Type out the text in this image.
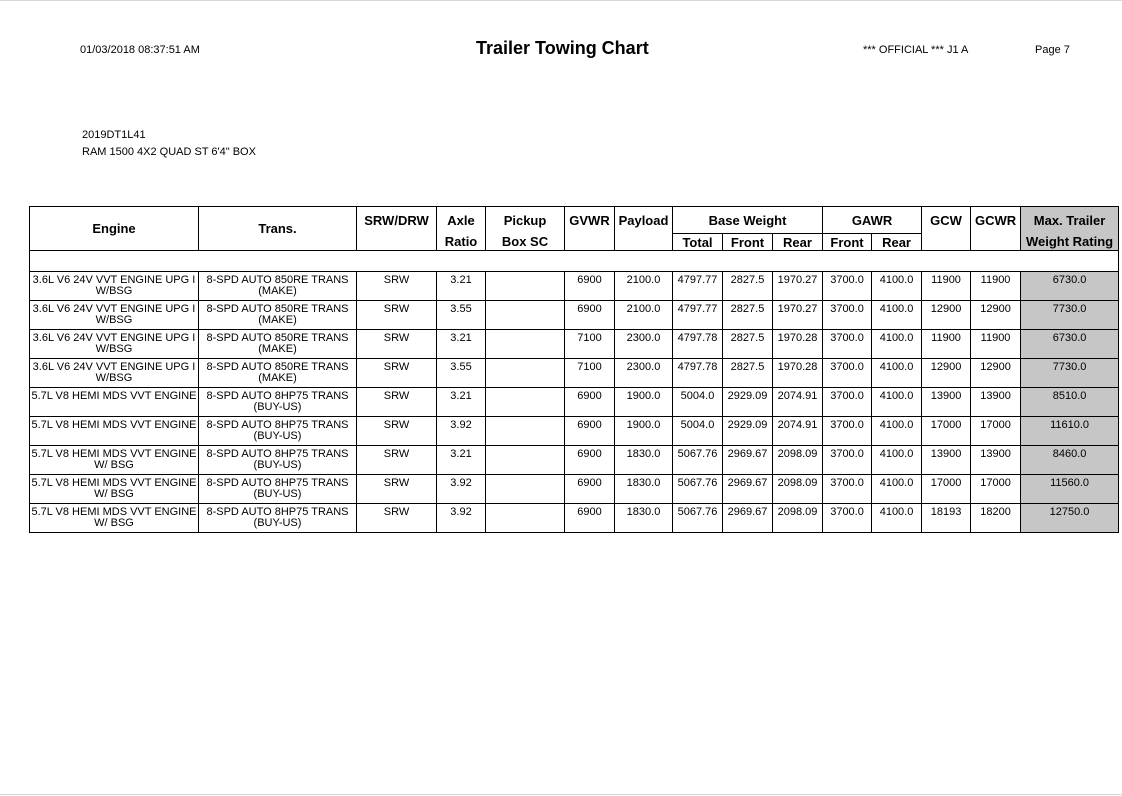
01/03/2018 08:37:51 AM	Trailer Towing Chart	*** OFFICIAL *** J1 A	Page 7
2019DT1L41
RAM 1500 4X2 QUAD ST 6'4" BOX
Engine	Trans.	SRW/DRW	Axle	Pickup	GVWR	Payload	Base Weight			GAWR		GCW	GCWR	Max. Trailer
			Ratio	Box SC			Total	Front	Rear	Front	Rear			Weight Rating

3.6L V6 24V VVT ENGINE UPG I W/BSG	8-SPD AUTO 850RE TRANS (MAKE)	SRW	3.21		6900	2100.0	4797.77	2827.5	1970.27	3700.0	4100.0	11900	11900	6730.0
3.6L V6 24V VVT ENGINE UPG I W/BSG	8-SPD AUTO 850RE TRANS (MAKE)	SRW	3.55		6900	2100.0	4797.77	2827.5	1970.27	3700.0	4100.0	12900	12900	7730.0
3.6L V6 24V VVT ENGINE UPG I W/BSG	8-SPD AUTO 850RE TRANS (MAKE)	SRW	3.21		7100	2300.0	4797.78	2827.5	1970.28	3700.0	4100.0	11900	11900	6730.0
3.6L V6 24V VVT ENGINE UPG I W/BSG	8-SPD AUTO 850RE TRANS (MAKE)	SRW	3.55		7100	2300.0	4797.78	2827.5	1970.28	3700.0	4100.0	12900	12900	7730.0
5.7L V8 HEMI MDS VVT ENGINE	8-SPD AUTO 8HP75 TRANS (BUY-US)	SRW	3.21		6900	1900.0	5004.0	2929.09	2074.91	3700.0	4100.0	13900	13900	8510.0
5.7L V8 HEMI MDS VVT ENGINE	8-SPD AUTO 8HP75 TRANS (BUY-US)	SRW	3.92		6900	1900.0	5004.0	2929.09	2074.91	3700.0	4100.0	17000	17000	11610.0
5.7L V8 HEMI MDS VVT ENGINE W/ BSG	8-SPD AUTO 8HP75 TRANS (BUY-US)	SRW	3.21		6900	1830.0	5067.76	2969.67	2098.09	3700.0	4100.0	13900	13900	8460.0
5.7L V8 HEMI MDS VVT ENGINE W/ BSG	8-SPD AUTO 8HP75 TRANS (BUY-US)	SRW	3.92		6900	1830.0	5067.76	2969.67	2098.09	3700.0	4100.0	17000	17000	11560.0
5.7L V8 HEMI MDS VVT ENGINE W/ BSG	8-SPD AUTO 8HP75 TRANS (BUY-US)	SRW	3.92		6900	1830.0	5067.76	2969.67	2098.09	3700.0	4100.0	18193	18200	12750.0
